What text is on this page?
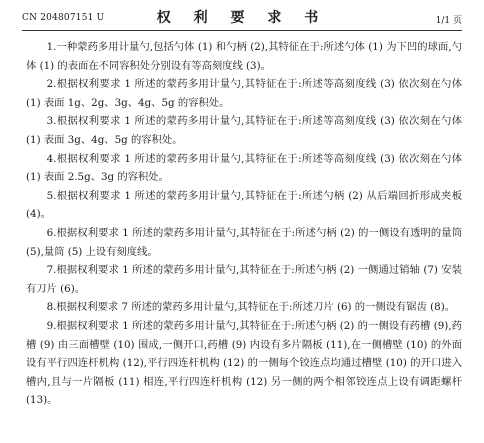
CN 204807151 U	权 利 要 求 书	1/1 页

1.一种蒙药多用计量勺,包括勺体 (1) 和勺柄 (2),其特征在于:所述勺体 (1) 为下凹的球面,勺体 (1) 的表面在不同容积处分别设有等高刻度线 (3)。

2.根据权利要求 1 所述的蒙药多用计量勺,其特征在于:所述等高刻度线 (3) 依次刻在勺体 (1) 表面 1g、2g、3g、4g、5g 的容积处。

3.根据权利要求 1 所述的蒙药多用计量勺,其特征在于:所述等高刻度线 (3) 依次刻在勺体 (1) 表面 3g、4g、5g 的容积处。

4.根据权利要求 1 所述的蒙药多用计量勺,其特征在于:所述等高刻度线 (3) 依次刻在勺体 (1) 表面 2.5g、3g 的容积处。

5.根据权利要求 1 所述的蒙药多用计量勺,其特征在于:所述勺柄 (2) 从后端回折形成夹板 (4)。

6.根据权利要求 1 所述的蒙药多用计量勺,其特征在于:所述勺柄 (2) 的一侧设有透明的量筒 (5),量筒 (5) 上设有刻度线。

7.根据权利要求 1 所述的蒙药多用计量勺,其特征在于:所述勺柄 (2) 一侧通过销轴 (7) 安装有刀片 (6)。

8.根据权利要求 7 所述的蒙药多用计量勺,其特征在于:所述刀片 (6) 的一侧设有锯齿 (8)。

9.根据权利要求 1 所述的蒙药多用计量勺,其特征在于:所述勺柄 (2) 的一侧设有药槽 (9),药槽 (9) 由三面槽壁 (10) 围成,一侧开口,药槽 (9) 内设有多片隔板 (11),在一侧槽壁 (10) 的外面设有平行四连杆机构 (12),平行四连杆机构 (12) 的一侧每个铰连点均通过槽壁 (10) 的开口进入槽内,且与一片隔板 (11) 相连,平行四连杆机构 (12) 另一侧的两个相邻铰连点上设有调距螺杆 (13)。
